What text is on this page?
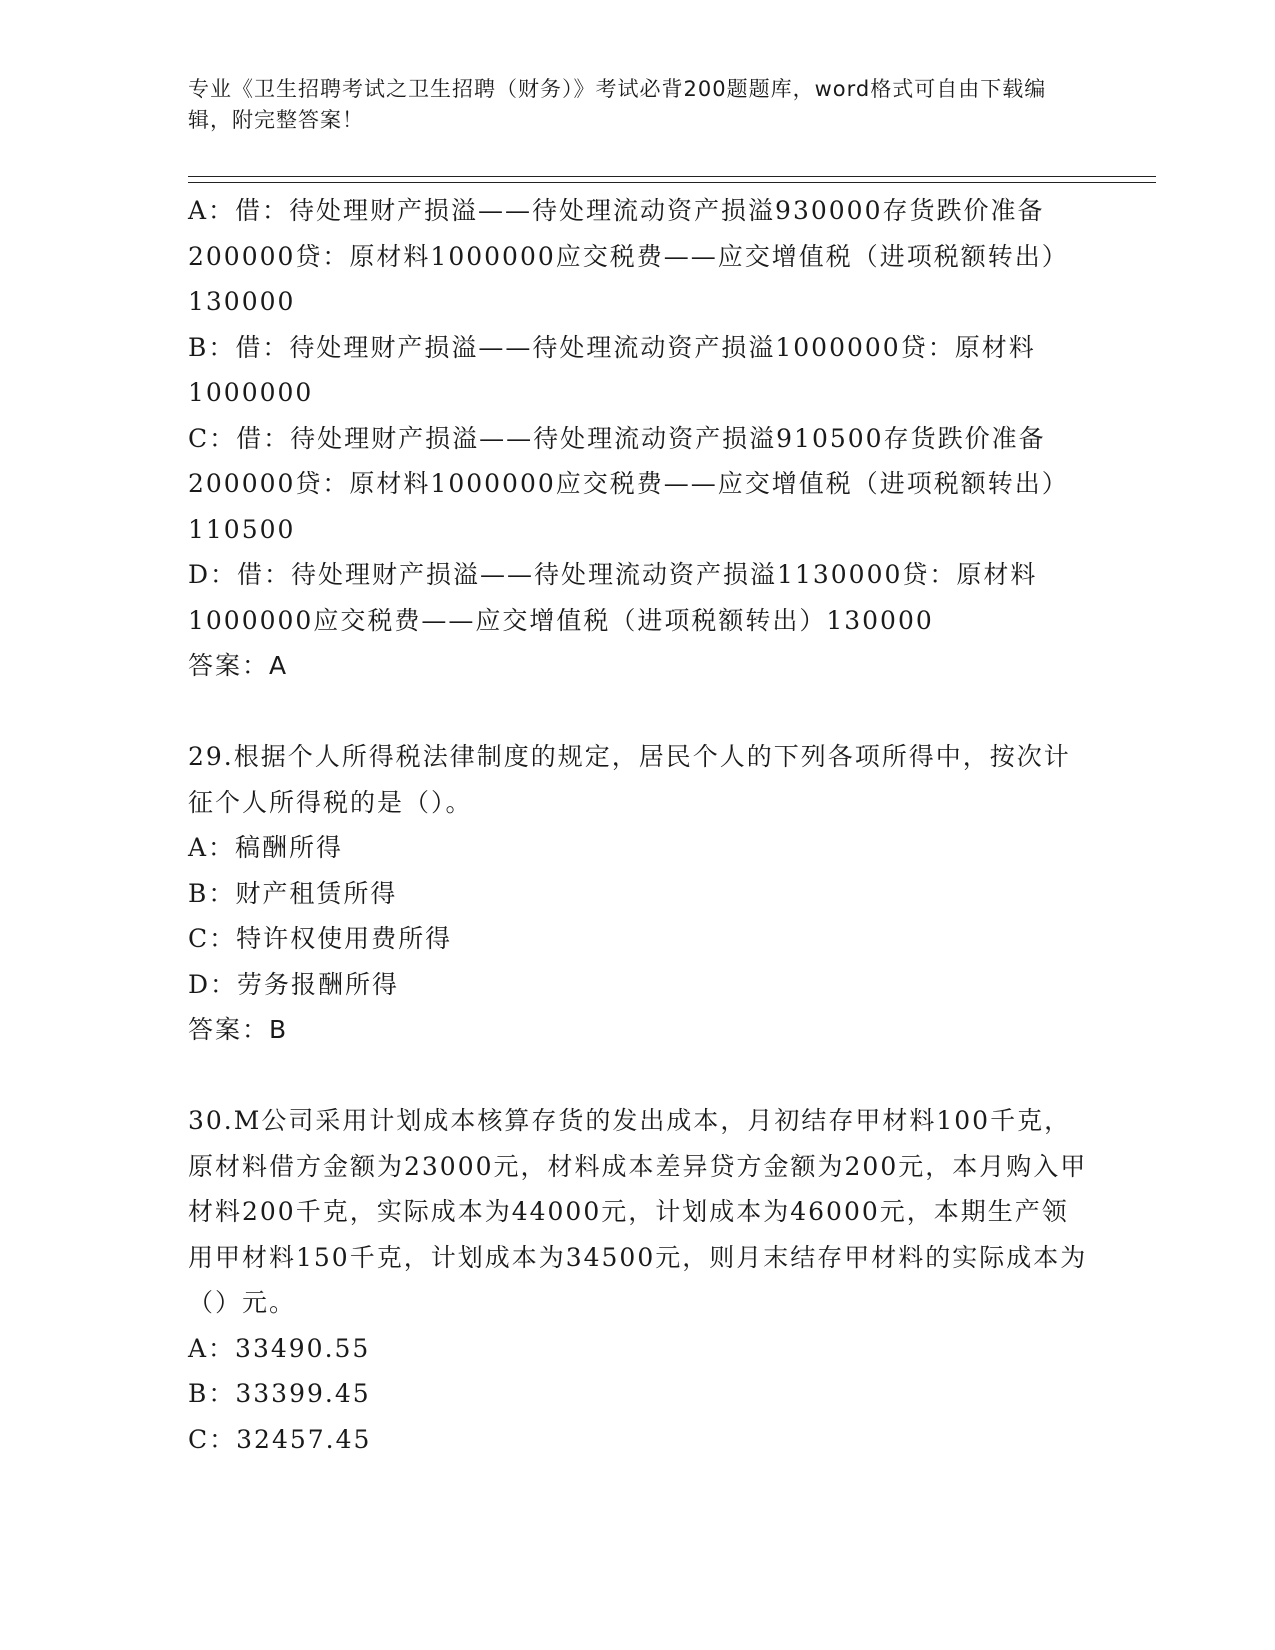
专业《卫生招聘考试之卫生招聘（财务）》考试必背200题题库，word格式可自由下载编辑，附完整答案！

A：借：待处理财产损溢——待处理流动资产损溢930000存货跌价准备200000贷：原材料1000000应交税费——应交增值税（进项税额转出）130000

B：借：待处理财产损溢——待处理流动资产损溢1000000贷：原材料1000000

C：借：待处理财产损溢——待处理流动资产损溢910500存货跌价准备200000贷：原材料1000000应交税费——应交增值税（进项税额转出）110500

D：借：待处理财产损溢——待处理流动资产损溢1130000贷：原材料1000000应交税费——应交增值税（进项税额转出）130000

答案：A

29.根据个人所得税法律制度的规定，居民个人的下列各项所得中，按次计征个人所得税的是（）。

A：稿酬所得

B：财产租赁所得

C：特许权使用费所得

D：劳务报酬所得

答案：B

30.M公司采用计划成本核算存货的发出成本，月初结存甲材料100千克，原材料借方金额为23000元，材料成本差异贷方金额为200元，本月购入甲材料200千克，实际成本为44000元，计划成本为46000元，本期生产领用甲材料150千克，计划成本为34500元，则月末结存甲材料的实际成本为（）元。

A：33490.55

B：33399.45

C：32457.45
